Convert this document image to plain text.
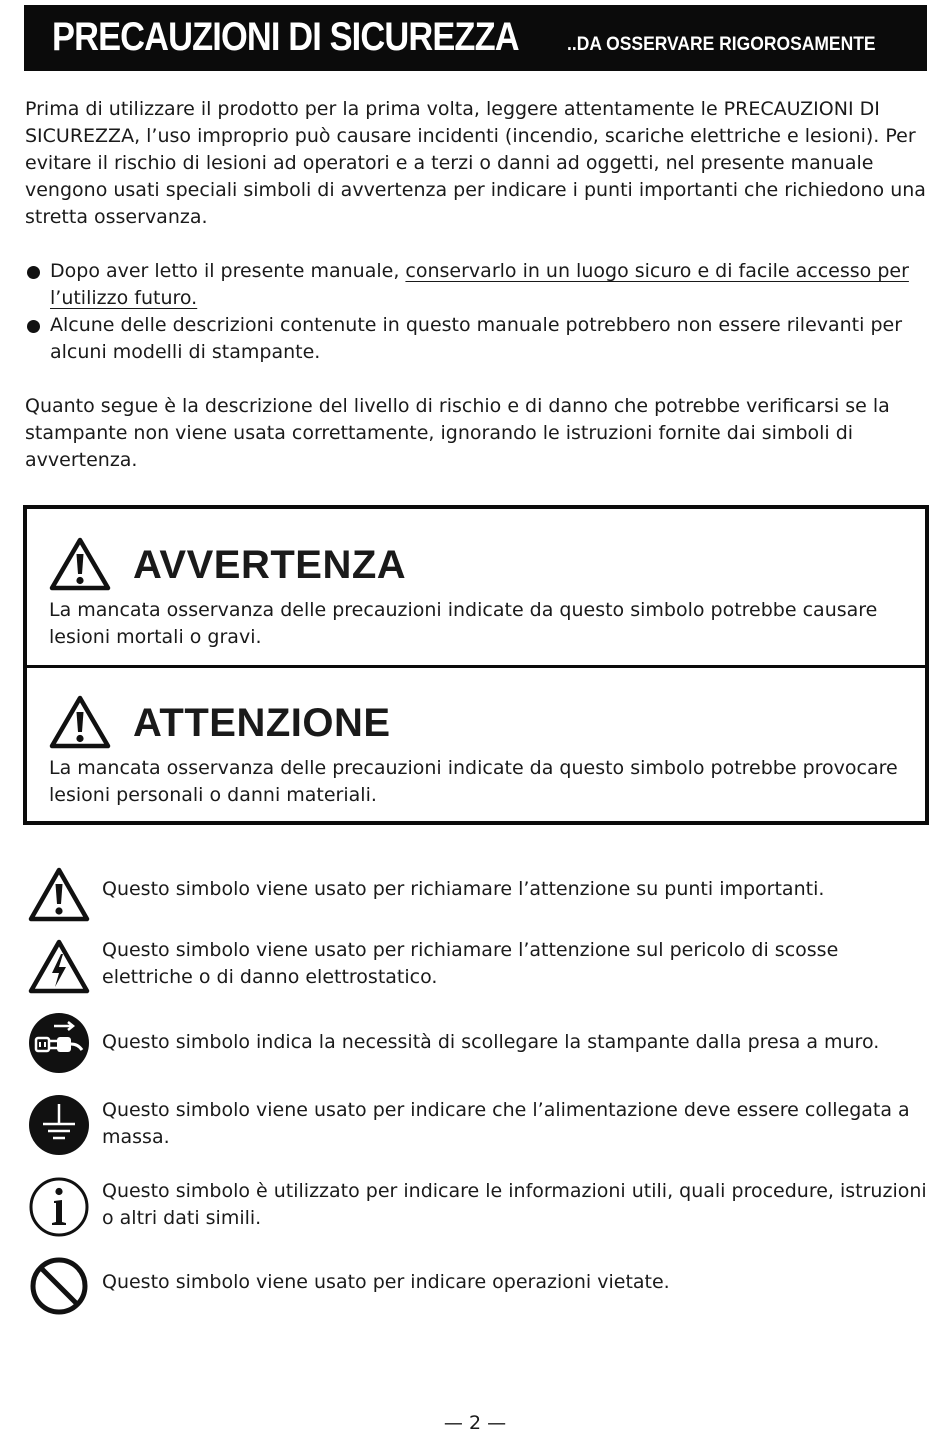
PRECAUZIONI DI SICUREZZA	..DA OSSERVARE RIGOROSAMENTE

Prima di utilizzare il prodotto per la prima volta, leggere attentamente le PRECAUZIONI DI SICUREZZA, l’uso improprio può causare incidenti (incendio, scariche elettriche e lesioni). Per evitare il rischio di lesioni ad operatori e a terzi o danni ad oggetti, nel presente manuale vengono usati speciali simboli di avvertenza per indicare i punti importanti che richiedono una stretta osservanza.

Dopo aver letto il presente manuale, conservarlo in un luogo sicuro e di facile accesso per l’utilizzo futuro.
Alcune delle descrizioni contenute in questo manuale potrebbero non essere rilevanti per alcuni modelli di stampante.

Quanto segue è la descrizione del livello di rischio e di danno che potrebbe verificarsi se la stampante non viene usata correttamente, ignorando le istruzioni fornite dai simboli di avvertenza.

AVVERTENZA
La mancata osservanza delle precauzioni indicate da questo simbolo potrebbe causare lesioni mortali o gravi.
ATTENZIONE
La mancata osservanza delle precauzioni indicate da questo simbolo potrebbe provocare lesioni personali o danni materiali.
Questo simbolo viene usato per richiamare l’attenzione su punti importanti.
Questo simbolo viene usato per richiamare l’attenzione sul pericolo di scosse elettriche o di danno elettrostatico.
Questo simbolo indica la necessità di scollegare la stampante dalla presa a muro.
Questo simbolo viene usato per indicare che l’alimentazione deve essere collegata a massa.
Questo simbolo è utilizzato per indicare le informazioni utili, quali procedure, istruzioni o altri dati simili.
Questo simbolo viene usato per indicare operazioni vietate.
— 2 —
